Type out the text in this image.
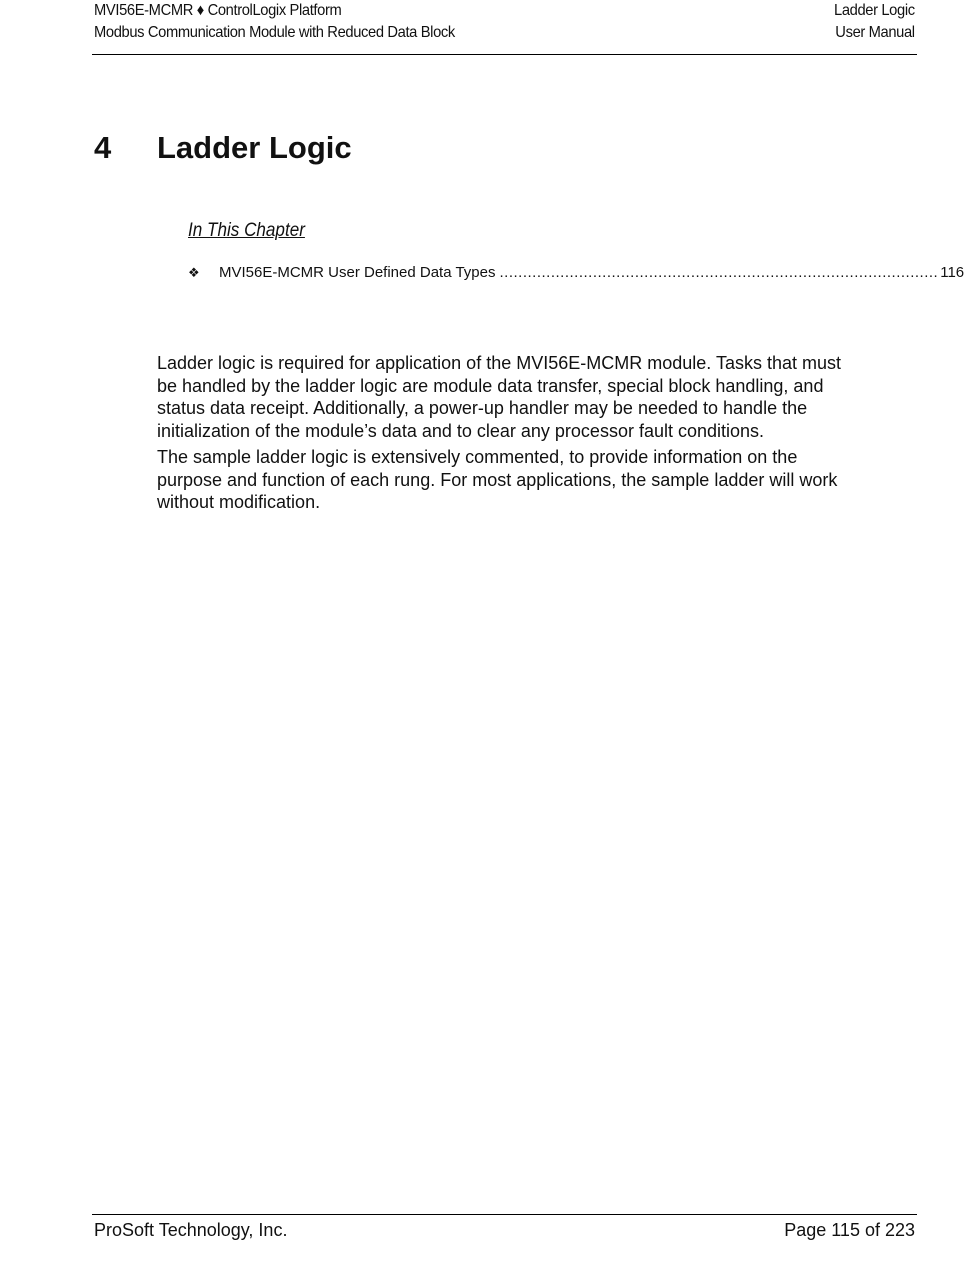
MVI56E-MCMR ♦ ControlLogix Platform
Modbus Communication Module with Reduced Data Block
Ladder Logic
User Manual
4 Ladder Logic
In This Chapter
❖	MVI56E-MCMR User Defined Data Types .............................................................................................. 116

Ladder logic is required for application of the MVI56E-MCMR module. Tasks that must be handled by the ladder logic are module data transfer, special block handling, and status data receipt. Additionally, a power-up handler may be needed to handle the initialization of the module’s data and to clear any processor fault conditions.

The sample ladder logic is extensively commented, to provide information on the purpose and function of each rung. For most applications, the sample ladder will work without modification.

ProSoft Technology, Inc.	Page 115 of 223
